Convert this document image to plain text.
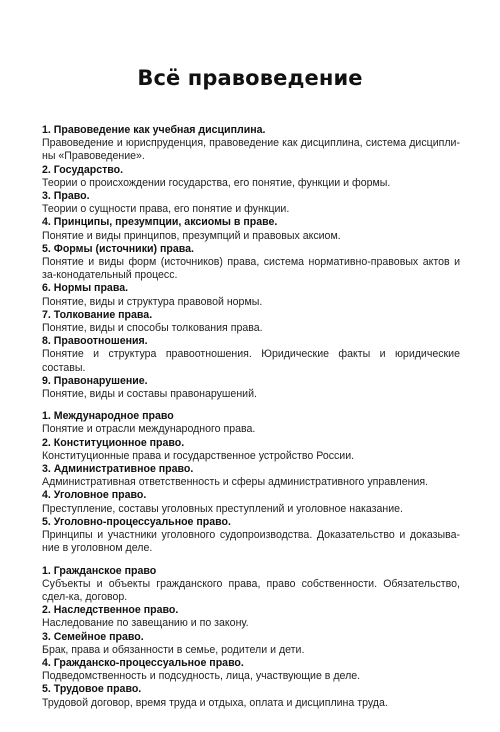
Всё правоведение
1. Правоведение как учебная дисциплина.
Правоведение и юриспруденция, правоведение как дисциплина, система дисципли-ны «Правоведение».
2. Государство.
Теории о происхождении государства, его понятие, функции и формы.
3. Право.
Теории о сущности права, его понятие и функции.
4. Принципы, презумпции, аксиомы в праве.
Понятие и виды принципов, презумпций и правовых аксиом.
5. Формы (источники) права.
Понятие и виды форм (источников) права, система нормативно-правовых актов и за-конодательный процесс.
6. Нормы права.
Понятие, виды и структура правовой нормы.
7. Толкование права.
Понятие, виды и способы толкования права.
8. Правоотношения.
Понятие и структура правоотношения. Юридические факты и юридические составы.
9. Правонарушение.
Понятие, виды и составы правонарушений.
1. Международное право
Понятие и отрасли международного права.
2. Конституционное право.
Конституционные права и государственное устройство России.
3. Административное право.
Административная ответственность и сферы административного управления.
4. Уголовное право.
Преступление, составы уголовных преступлений и уголовное наказание.
5. Уголовно-процессуальное право.
Принципы и участники уголовного судопроизводства. Доказательство и доказыва-ние в уголовном деле.
1. Гражданское право
Субъекты и объекты гражданского права, право собственности. Обязательство, сдел-ка, договор.
2. Наследственное право.
Наследование по завещанию и по закону.
3. Семейное право.
Брак, права и обязанности в семье, родители и дети.
4. Гражданско-процессуальное право.
Подведомственность и подсудность, лица, участвующие в деле.
5. Трудовое право.
Трудовой договор, время труда и отдыха, оплата и дисциплина труда.
